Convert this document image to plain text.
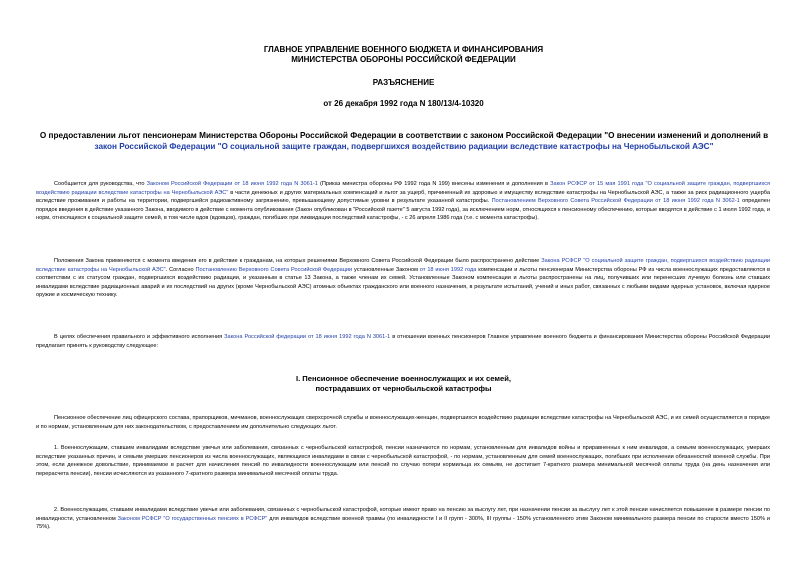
ГЛАВНОЕ УПРАВЛЕНИЕ ВОЕННОГО БЮДЖЕТА И ФИНАНСИРОВАНИЯ
МИНИСТЕРСТВА ОБОРОНЫ РОССИЙСКОЙ ФЕДЕРАЦИИ
РАЗЪЯСНЕНИЕ
от 26 декабря 1992 года N 180/13/4-10320
О предоставлении льгот пенсионерам Министерства Обороны Российской Федерации в соответствии с законом Российской Федерации "О внесении изменений и дополнений в закон Российской Федерации "О социальной защите граждан, подвергшихся воздействию радиации вследствие катастрофы на Чернобыльской АЭС"

Сообщается для руководства, что Законом Российской Федерации от 18 июня 1992 года N 3061-1 (Приказ министра обороны РФ 1992 года N 199) внесены изменения и дополнения в Закон РСФСР от 15 мая 1991 года "О социальной защите граждан, подвергшихся воздействию радиации вследствие катастрофы на Чернобыльской АЭС" в части денежных и других материальных компенсаций и льгот за ущерб, причиненный их здоровью и имуществу вследствие катастрофы на Чернобыльской АЭС, а также за риск радиационного ущерба вследствие проживания и работы на территории, подвергшейся радиоактивному загрязнению, превышающему допустимые уровни в результате указанной катастрофы. Постановлением Верховного Совета Российской Федерации от 18 июня 1992 года N 3062-1 определен порядок введения в действие указанного Закона, вводимого в действие с момента опубликования (Закон опубликован в "Российской газете" 5 августа 1992 года), за исключением норм, относящихся к пенсионному обеспечению, которые вводятся в действие с 1 июля 1992 года, и норм, относящихся к социальной защите семей, в том числе вдов (вдовцов), граждан, погибших при ликвидации последствий катастрофы, - с 26 апреля 1986 года (т.е. с момента катастрофы).

Положения Закона применяются с момента введения его в действие к гражданам, на которых решениями Верховного Совета Российской Федерации было распространено действие Закона РСФСР "О социальной защите граждан, подвергшихся воздействию радиации вследствие катастрофы на Чернобыльской АЭС". Согласно Постановлению Верховного Совета Российской Федерации установленные Законом от 18 июня 1992 года компенсации и льготы пенсионерам Министерства обороны РФ из числа военнослужащих предоставляются в соответствии с их статусом граждан, подвергшихся воздействию радиации, и указанным в статье 13 Закона, а также членам их семей. Установленные Законом компенсации и льготы распространены на лиц, получивших или перенесших лучевую болезнь или ставших инвалидами вследствие радиационных аварий и их последствий на других (кроме Чернобыльской АЭС) атомных объектах гражданского или военного назначения, в результате испытаний, учений и иных работ, связанных с любыми видами ядерных установок, включая ядерное оружие и космическую технику.

В целях обеспечения правильного и эффективного исполнения Закона Российской федерации от 18 июня 1992 года N 3061-1 в отношении военных пенсионеров Главное управление военного бюджета и финансирования Министерства обороны Российской Федерации предлагает принять к руководству следующее:

I. Пенсионное обеспечение военнослужащих и их семей,
пострадавших от чернобыльской катастрофы

Пенсионное обеспечение лиц офицерского состава, прапорщиков, мичманов, военнослужащих сверхсрочной службы и военнослужащих-женщин, подвергшихся воздействию радиации вследствие катастрофы на Чернобыльской АЭС, и их семей осуществляется в порядке и по нормам, установленным для них законодательством, с предоставлением им дополнительно следующих льгот.

1. Военнослужащим, ставшим инвалидами вследствие увечья или заболевания, связанных с чернобыльской катастрофой, пенсии назначаются по нормам, установленным для инвалидов войны и приравненных к ним инвалидов, а семьям военнослужащих, умерших вследствие указанных причин, и семьям умерших пенсионеров из числа военнослужащих, являющихся инвалидами в связи с чернобыльской катастрофой, - по нормам, установленным для семей военнослужащих, погибших при исполнении обязанностей военной службы. При этом, если денежное довольствие, принимаемое в расчет для начисления пенсий по инвалидности военнослужащим или пенсий по случаю потери кормильца их семьям, не достигает 7-кратного размера минимальной месячной оплаты труда (на день назначения или перерасчета пенсии), пенсии исчисляются из указанного 7-кратного размера минимальной месячной оплаты труда.

2. Военнослужащим, ставшим инвалидами вследствие увечья или заболевания, связанных с чернобыльской катастрофой, которые имеют право на пенсию за выслугу лет, при назначении пенсии за выслугу лет к этой пенсии начисляется повышение в размере пенсии по инвалидности, установленном Законом РСФСР "О государственных пенсиях в РСФСР" для инвалидов вследствие военной травмы (по инвалидности I и II групп - 300%, III группы - 150% установленного этим Законом минимального размера пенсии по старости вместо 150% и 75%).
